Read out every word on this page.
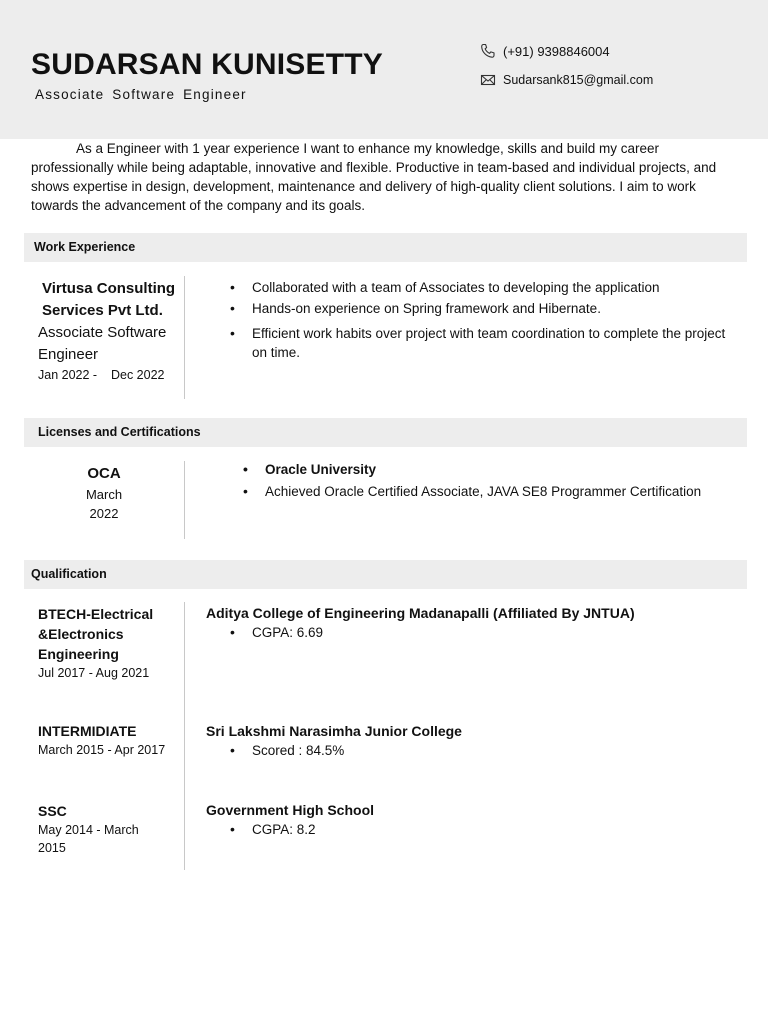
SUDARSAN KUNISETTY
Associate Software Engineer
(+91) 9398846004
Sudarsank815@gmail.com
As a Engineer with 1 year experience I want to enhance my knowledge, skills and build my career professionally while being adaptable, innovative and flexible. Productive in team-based and individual projects, and shows expertise in design, development, maintenance and delivery of high-quality client solutions. I aim to work towards the advancement of the company and its goals.
Work Experience
Virtusa Consulting Services Pvt Ltd.
Associate Software Engineer
Jan 2022 -    Dec 2022
• Collaborated with a team of Associates to developing the application
• Hands-on experience on Spring framework and Hibernate.
• Efficient work habits over project with team coordination to complete the project on time.
Licenses and Certifications
OCA
March
2022
• Oracle University
• Achieved Oracle Certified Associate, JAVA SE8 Programmer Certification
Qualification
BTECH-Electrical &Electronics Engineering
Jul 2017 - Aug 2021
Aditya College of Engineering Madanapalli (Affiliated By JNTUA)
• CGPA: 6.69
INTERMIDIATE
March 2015 - Apr 2017
Sri Lakshmi Narasimha Junior College
• Scored : 84.5%
SSC
May 2014 - March 2015
Government High School
• CGPA: 8.2
